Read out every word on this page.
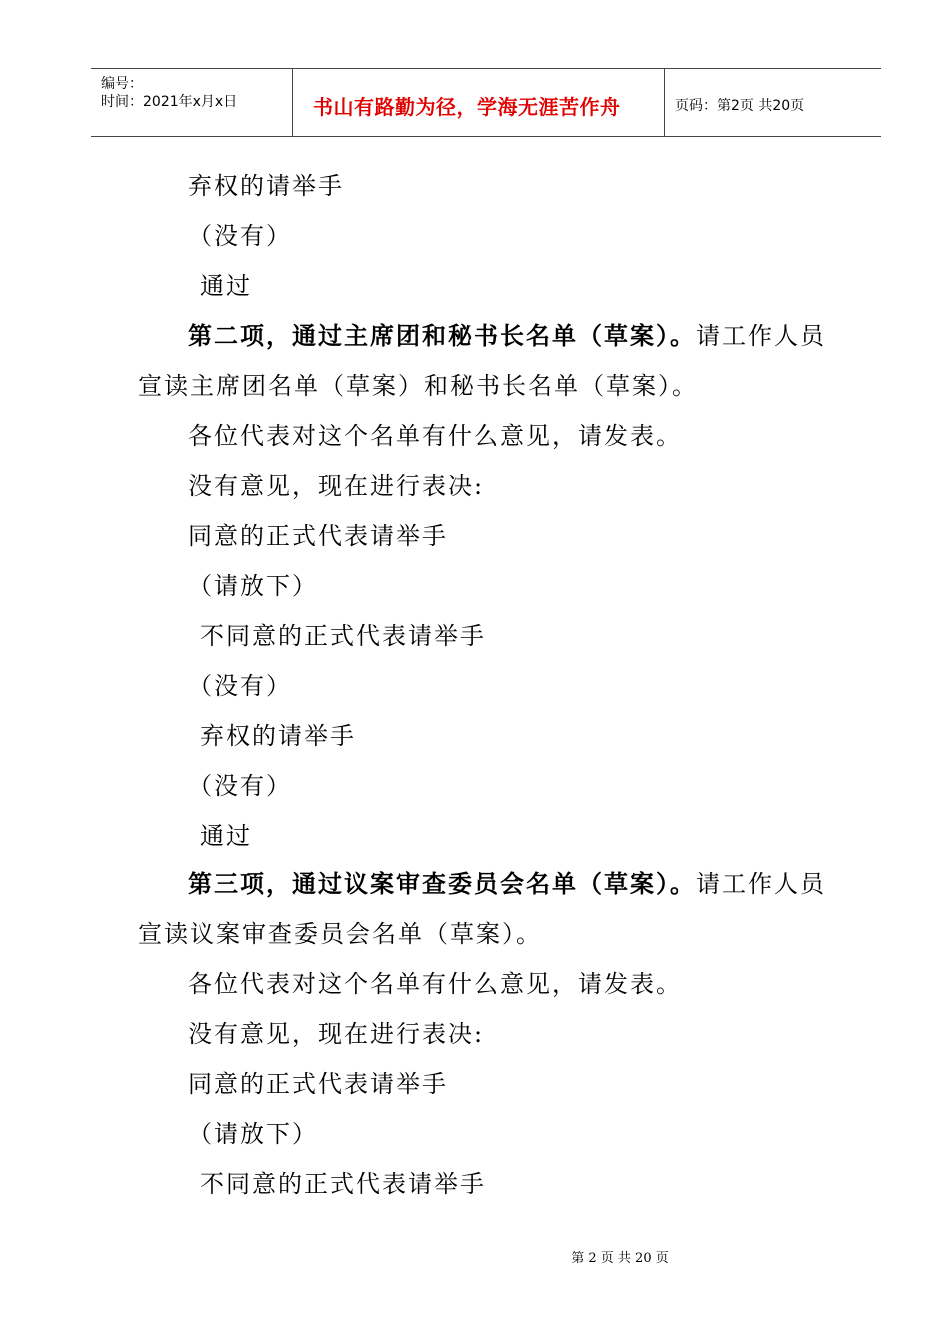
编号：
时间：2021年x月x日	书山有路勤为径，学海无涯苦作舟	页码：第2页 共20页
弃权的请举手
（没有）
通过
第二项，通过主席团和秘书长名单（草案）。请工作人员
宣读主席团名单（草案）和秘书长名单（草案）。
各位代表对这个名单有什么意见，请发表。
没有意见，现在进行表决:
同意的正式代表请举手
（请放下）
不同意的正式代表请举手
（没有）
弃权的请举手
（没有）
通过
第三项，通过议案审查委员会名单（草案）。请工作人员
宣读议案审查委员会名单（草案）。
各位代表对这个名单有什么意见，请发表。
没有意见，现在进行表决:
同意的正式代表请举手
（请放下）
不同意的正式代表请举手
第 2 页 共 20 页
